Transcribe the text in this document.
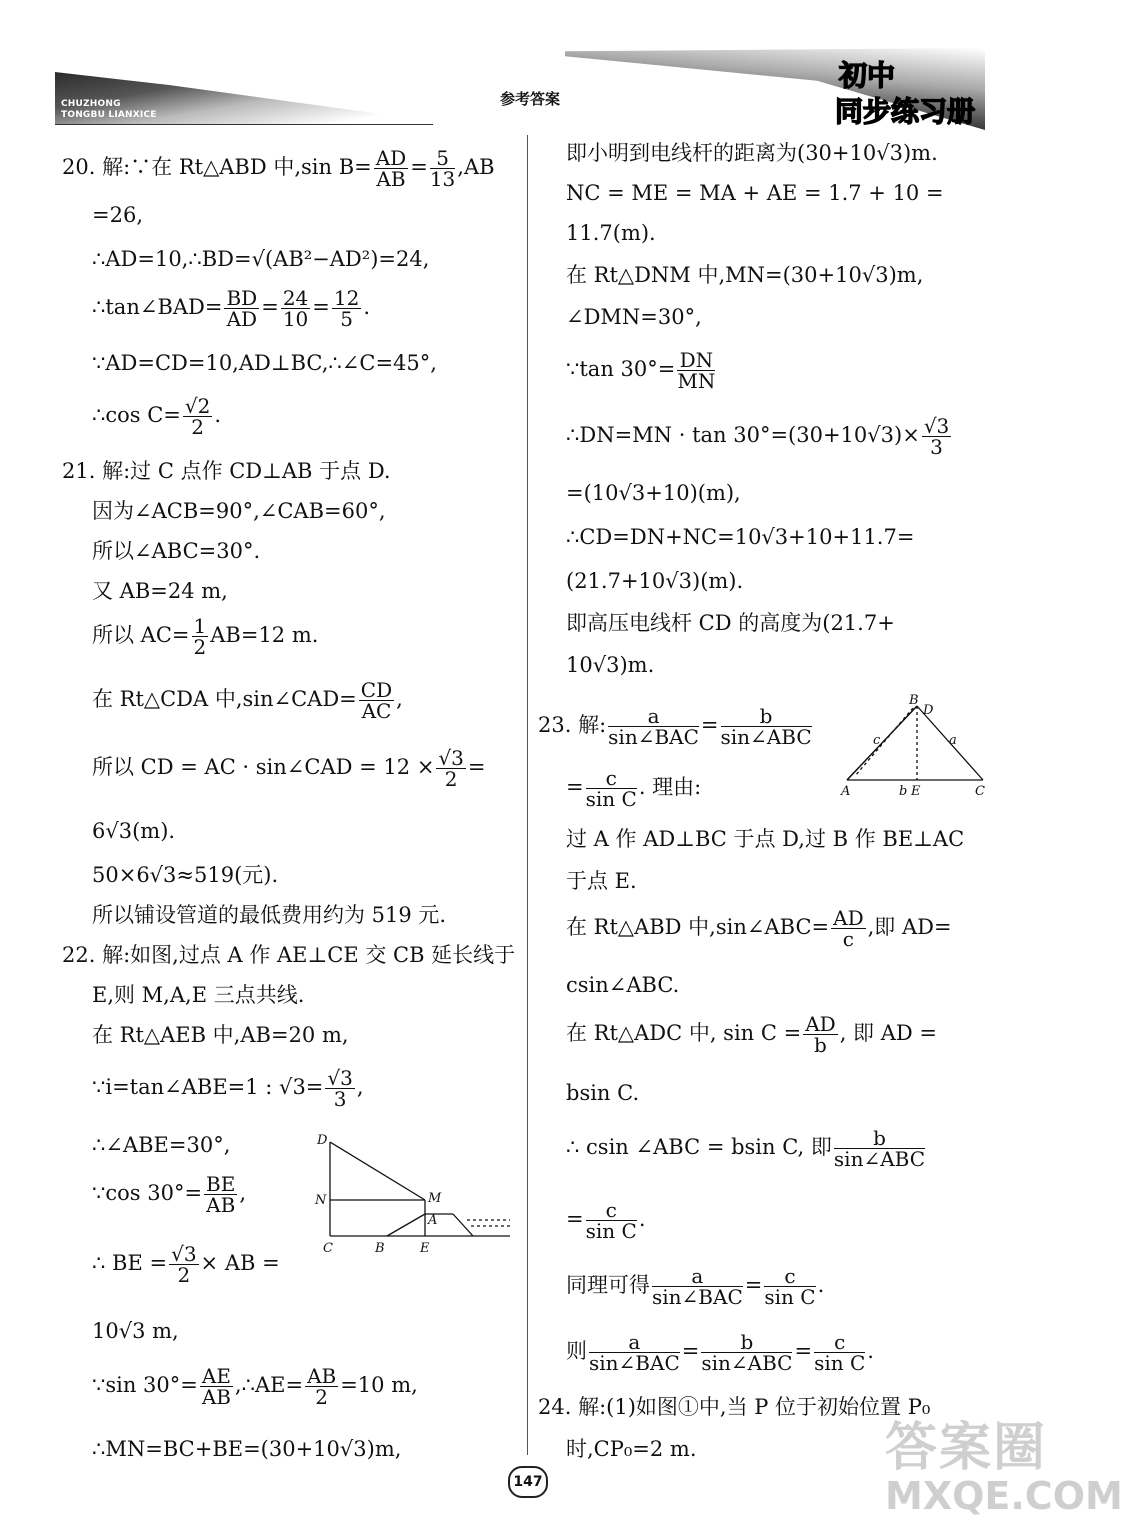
CHUZHONG
TONGBU LIANXICE
参考答案
初中
同步练习册
20. 解:∵在 Rt△ABD 中,sin $B= \frac{AD}{AB} = \frac{5}{13} ,AB$
=26,
∴AD=10,∴BD=√(AB²−AD²)=24,
∴tan∠BAD= $\frac{BD}{AD} = \frac{24}{10} = \frac{12}{5}$ .
∵AD=CD=10,AD⊥BC,∴∠C=45°,
∴cos $C= \frac{√2}{2}$ .
21. 解:过 C 点作 CD⊥AB 于点 D.
因为∠ACB=90°,∠CAB=60°,
所以∠ABC=30°.
又 AB=24 m,
所以 $AC= \frac{1}{2} AB=12$ m.
在 Rt△CDA 中,sin∠CAD= $\frac{CD}{AC}$ ,
所以 CD = AC · sin∠CAD = $12 \times \frac{√3}{2}$ =
6√3(m).
50×6√3≈519(元).
所以铺设管道的最低费用约为 519 元.
22. 解:如图,过点 A 作 AE⊥CE 交 CB 延长线于
E,则 M,A,E 三点共线.
在 Rt△AEB 中,AB=20 m,
∵i=tan∠ABE=1 : $√3= \frac{√3}{3}$ ,
∴∠ABE=30°,
∵cos $30^\circ= \frac{BE}{AB}$ ,
∴ BE = $\frac{√3}{2}$ × AB =
10√3 m,
∵sin $30^\circ= \frac{AE}{AB}$ ,∴AE= $\frac{AB}{2} =10$ m,
∴MN=BC+BE=(30+10√3)m,
D
N	M
A
C	B	E
即小明到电线杆的距离为(30+10√3)m.
NC = ME = MA + AE = 1.7 + 10 =
11.7(m).
在 Rt△DNM 中,MN=(30+10√3)m,
∠DMN=30°,
∵tan $30^\circ= \frac{DN}{MN}$
∴DN=MN · $\tan 30^\circ=(30+10√3)\times \frac{√3}{3}$
=(10√3+10)(m),
∴CD=DN+NC=10√3+10+11.7=
(21.7+10√3)(m).
即高压电线杆 CD 的高度为(21.7+
10√3)m.
23. 解: $\frac{a}{\text{sin∠BAC}} = \frac{b}{\text{sin∠ABC}}$
= $\frac{c}{\text{sin C}}$ . 理由:
B
D
c	a
A	b E	C
过 A 作 AD⊥BC 于点 D,过 B 作 BE⊥AC
于点 E.
在 Rt△ABD 中,sin∠ABC= $\frac{AD}{c}$ ,即 AD=
csin∠ABC.
在 Rt△ADC 中, $\sin C = \frac{AD}{b}$ , 即 AD =
bsin C.
∴ csin ∠ABC = bsin C, 即 $\frac{b}{\text{sin∠ABC}}$
= $\frac{c}{\text{sin C}}$ .
同理可得 $\frac{a}{\text{sin∠BAC}} = \frac{c}{\text{sin C}}$ .
则 $\frac{a}{\text{sin∠BAC}} = \frac{b}{\text{sin∠ABC}} = \frac{c}{\text{sin C}}$ .
24. 解:(1)如图①中,当 P 位于初始位置 P₀
时,CP₀=2 m.
147
答案圈
MXQE.COM
